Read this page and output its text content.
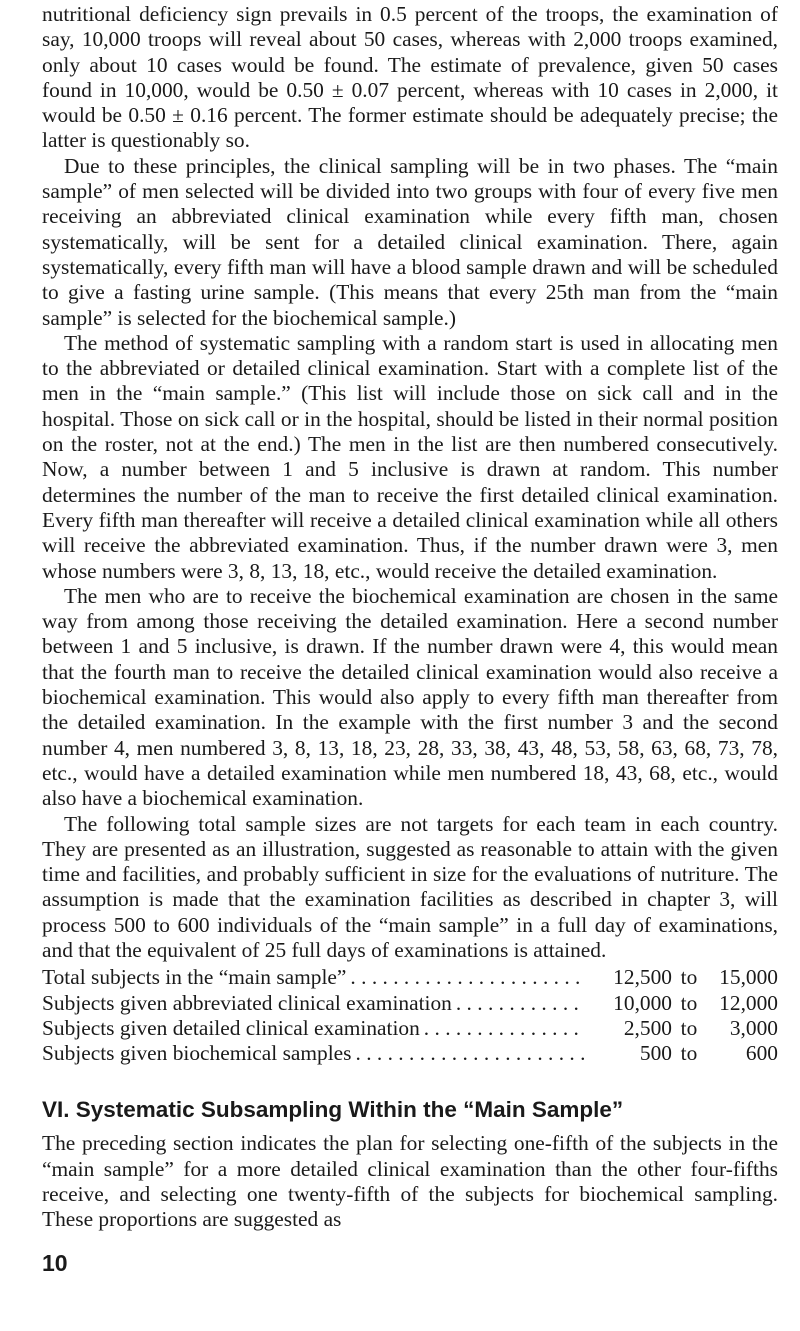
nutritional deficiency sign prevails in 0.5 percent of the troops, the examination of say, 10,000 troops will reveal about 50 cases, whereas with 2,000 troops examined, only about 10 cases would be found. The estimate of prevalence, given 50 cases found in 10,000, would be 0.50 ± 0.07 percent, whereas with 10 cases in 2,000, it would be 0.50 ± 0.16 percent. The former estimate should be adequately precise; the latter is questionably so.

Due to these principles, the clinical sampling will be in two phases. The “main sample” of men selected will be divided into two groups with four of every five men receiving an abbreviated clinical examination while every fifth man, chosen systematically, will be sent for a detailed clinical examination. There, again systematically, every fifth man will have a blood sample drawn and will be scheduled to give a fasting urine sample. (This means that every 25th man from the “main sample” is selected for the biochemical sample.)

The method of systematic sampling with a random start is used in allocating men to the abbreviated or detailed clinical examination. Start with a complete list of the men in the “main sample.” (This list will include those on sick call and in the hospital. Those on sick call or in the hospital, should be listed in their normal position on the roster, not at the end.) The men in the list are then numbered consecutively. Now, a number between 1 and 5 inclusive is drawn at random. This number determines the number of the man to receive the first detailed clinical examination. Every fifth man thereafter will receive a detailed clinical examination while all others will receive the abbreviated examination. Thus, if the number drawn were 3, men whose numbers were 3, 8, 13, 18, etc., would receive the detailed examination.

The men who are to receive the biochemical examination are chosen in the same way from among those receiving the detailed examination. Here a second number between 1 and 5 inclusive, is drawn. If the number drawn were 4, this would mean that the fourth man to receive the detailed clinical examination would also receive a biochemical examination. This would also apply to every fifth man thereafter from the detailed examination. In the example with the first number 3 and the second number 4, men numbered 3, 8, 13, 18, 23, 28, 33, 38, 43, 48, 53, 58, 63, 68, 73, 78, etc., would have a detailed examination while men numbered 18, 43, 68, etc., would also have a biochemical examination.

The following total sample sizes are not targets for each team in each country. They are presented as an illustration, suggested as reasonable to attain with the given time and facilities, and probably sufficient in size for the evaluations of nutriture. The assumption is made that the examination facilities as described in chapter 3, will process 500 to 600 individuals of the “main sample” in a full day of examinations, and that the equivalent of 25 full days of examinations is attained.

Total subjects in the “main sample” . . .	12,500 to	15,000
Subjects given abbreviated clinical examination . . .	10,000 to	12,000
Subjects given detailed clinical examination . . .	2,500 to	3,000
Subjects given biochemical samples . . .	500 to	600
VI. Systematic Subsampling Within the “Main Sample”

The preceding section indicates the plan for selecting one-fifth of the subjects in the “main sample” for a more detailed clinical examination than the other four-fifths receive, and selecting one twenty-fifth of the subjects for biochemical sampling. These proportions are suggested as

10
